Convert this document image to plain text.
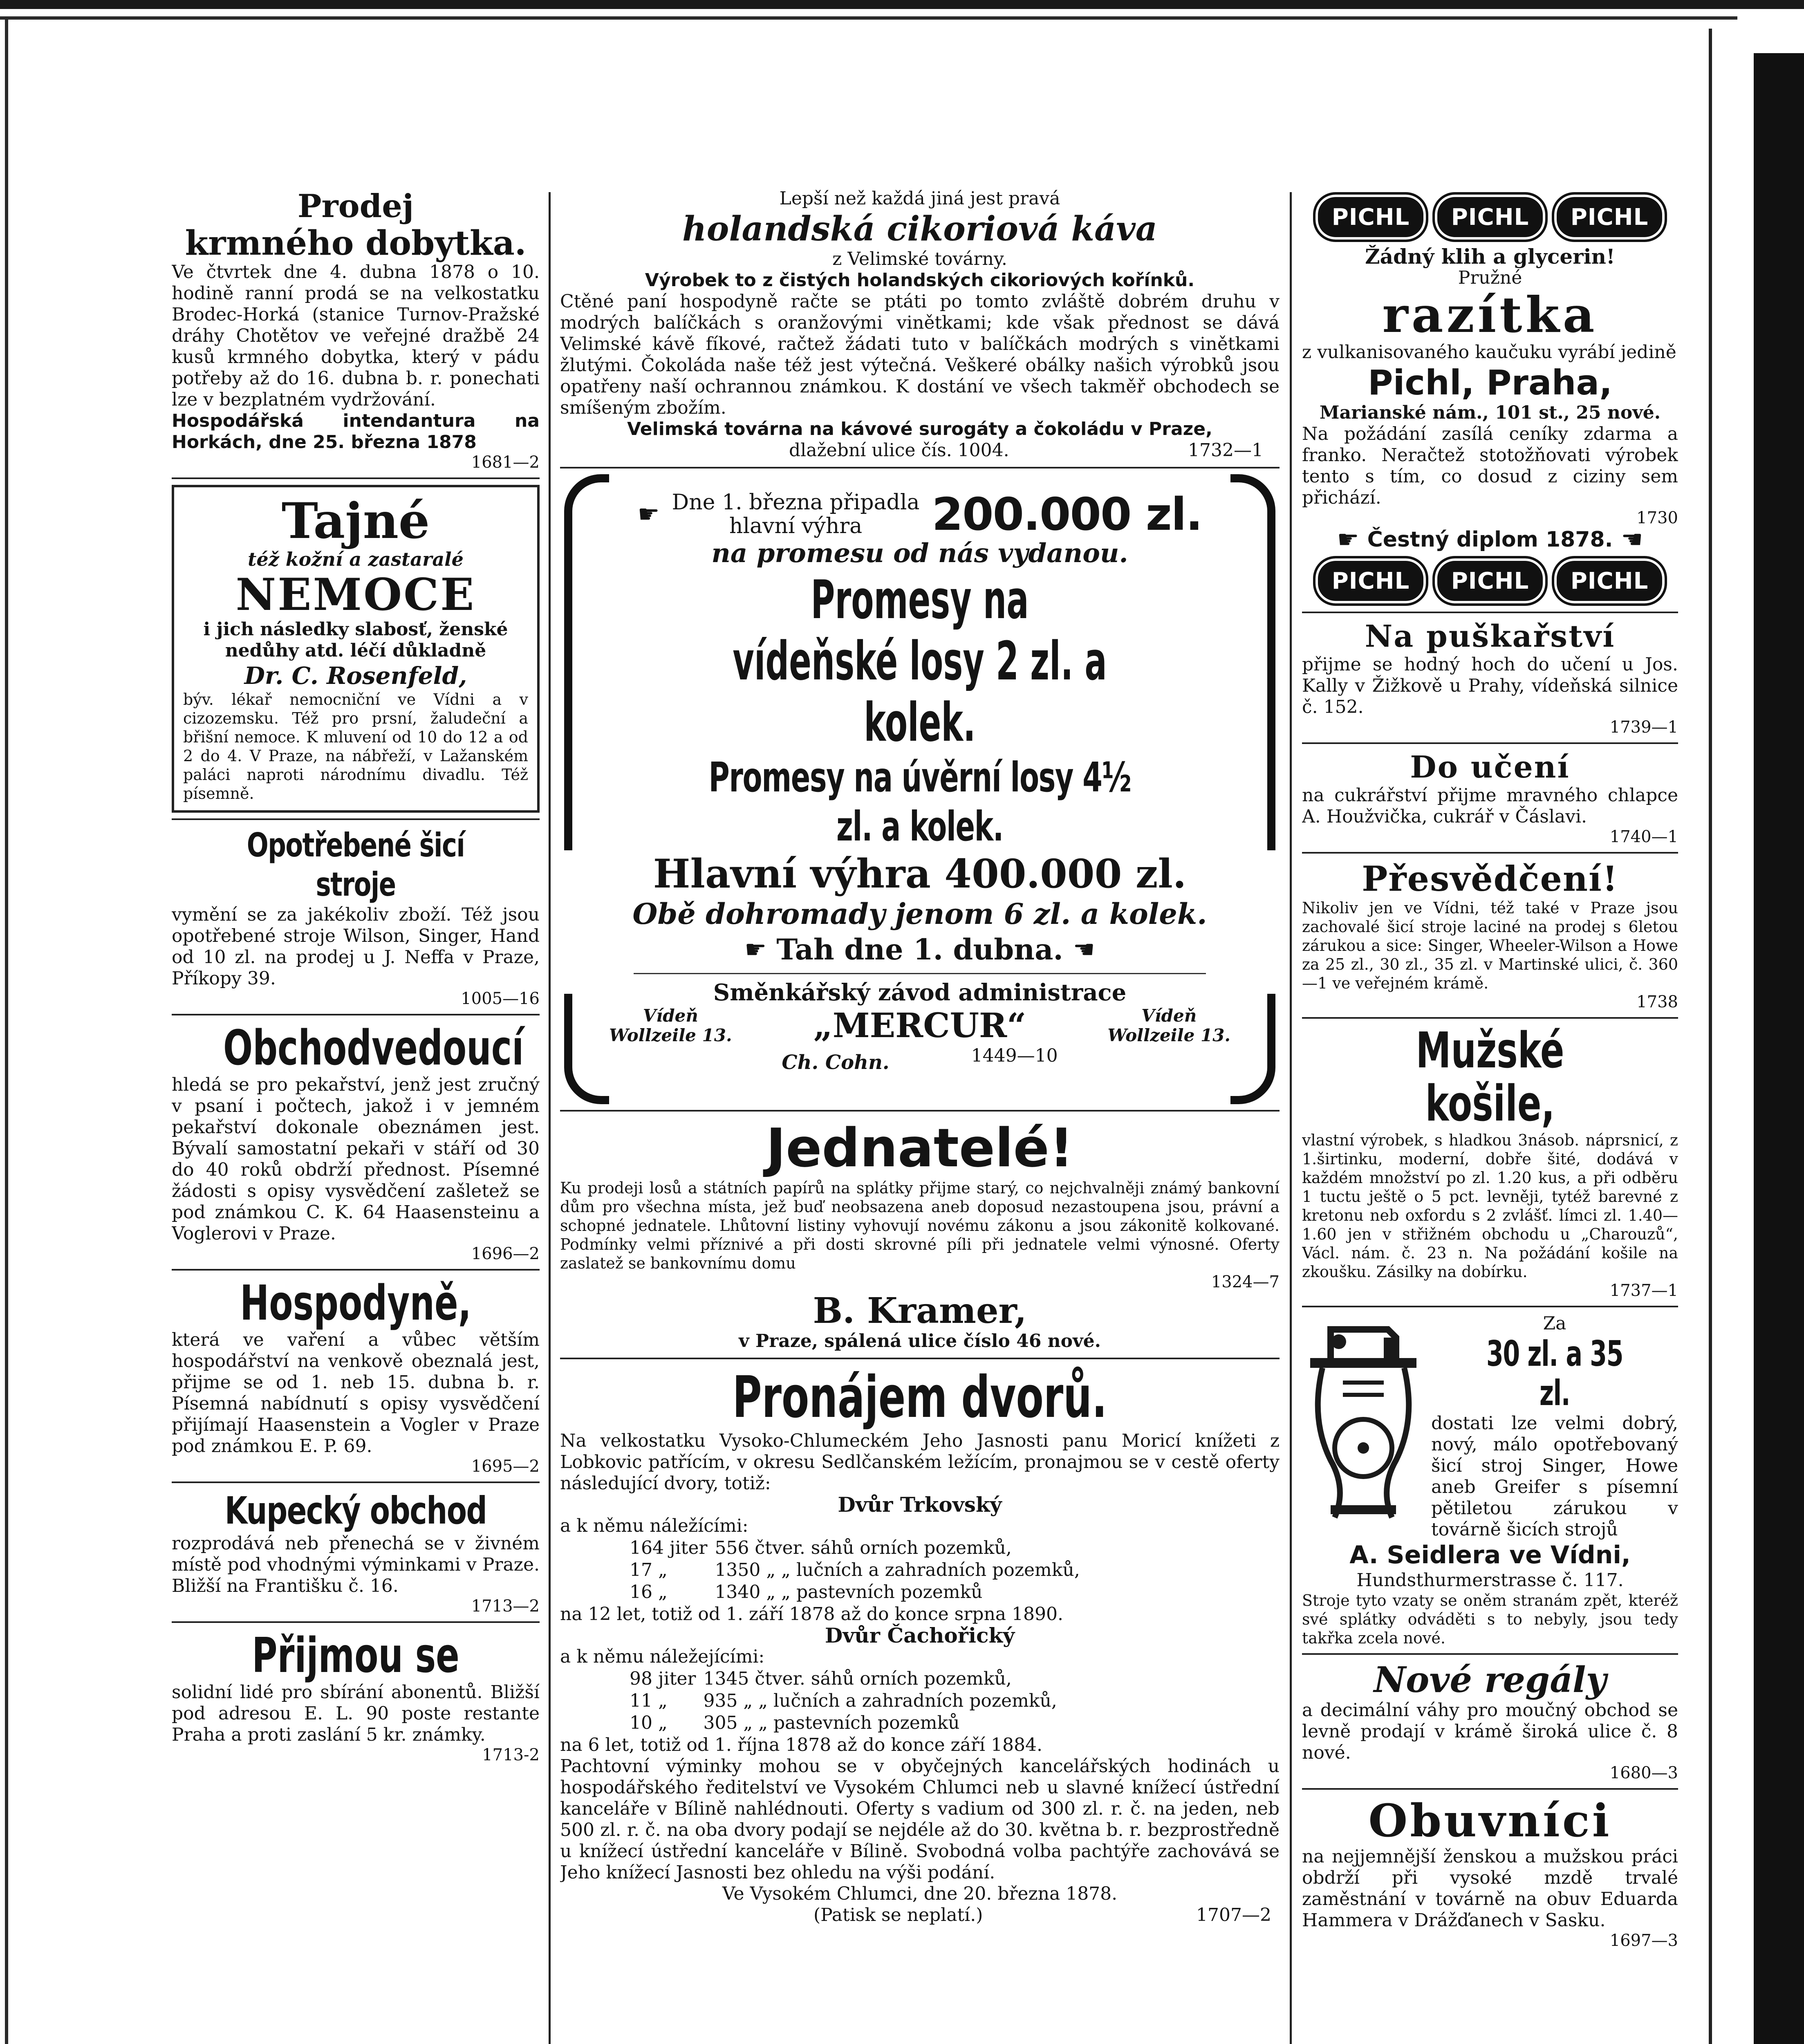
Prodej

krmného dobytka.

Ve čtvrtek dne 4. dubna 1878 o 10. hodině ranní prodá se na velkostatku Brodec-Horká (stanice Turnov-Pražské dráhy Chotětov ve veřejné dražbě 24 kusů krmného dobytka, který v pádu potřeby až do 16. dubna b. r. ponechati lze v bezplatném vydržování.

Hospodářská intendantura na Horkách, dne 25. března 1878

1681—2

Tajné

též kožní a zastaralé

NEMOCE

i jich následky slabosť, ženské nedůhy atd. léčí důkladně

Dr. C. Rosenfeld,

býv. lékař nemocniční ve Vídni a v cizozemsku. Též pro prsní, žaludeční a břišní nemoce. K mluvení od 10 do 12 a od 2 do 4. V Praze, na nábřeží, v Lažanském paláci naproti národnímu divadlu. Též písemně.

Opotřebené šicí stroje

vymění se za jakékoliv zboží. Též jsou opotřebené stroje Wilson, Singer, Hand od 10 zl. na prodej u J. Neffa v Praze, Příkopy 39.

1005—16

Obchodvedoucí

hledá se pro pekařství, jenž jest zručný v psaní i počtech, jakož i v jemném pekařství dokonale obeznámen jest. Bývalí samostatní pekaři v stáří od 30 do 40 roků obdrží přednost. Písemné žádosti s opisy vysvědčení zašletež se pod známkou C. K. 64 Haasensteinu a Voglerovi v Praze.

1696—2

Hospodyně,

která ve vaření a vůbec větším hospodářství na venkově obeznalá jest, přijme se od 1. neb 15. dubna b. r. Písemná nabídnutí s opisy vysvědčení přijímají Haasenstein a Vogler v Praze pod známkou E. P. 69.

1695—2

Kupecký obchod

rozprodává neb přenechá se v živném místě pod vhodnými výminkami v Praze. Bližší na Františku č. 16.

1713—2

Přijmou se

solidní lidé pro sbírání abonentů. Bližší pod adresou E. L. 90 poste restante Praha a proti zaslání 5 kr. známky.

1713-2

Lepší než každá jiná jest pravá

holandská cikoriová káva

z Velimské továrny.

Výrobek to z čistých holandských cikoriových kořínků.

Ctěné paní hospodyně račte se ptáti po tomto zvláště dobrém druhu v modrých balíčkách s oranžovými vinětkami; kde však přednost se dává Velimské kávě fíkové, račtež žádati tuto v balíčkách modrých s vinětkami žlutými. Čokoláda naše též jest výtečná. Veškeré obálky našich výrobků jsou opatřeny naší ochrannou známkou. K dostání ve všech takměř obchodech se smíšeným zbožím.

Velimská továrna na kávové surogáty a čokoládu v Praze,

dlažební ulice čís. 1004.	1732—1
☛ Dne 1. března připadla

hlavní výhra	200.000 zl.

na promesu od nás vydanou.

Promesy na vídeňské losy 2 zl. a kolek.

Promesy na úvěrní losy 4½ zl. a kolek.

Hlavní výhra 400.000 zl.

Obě dohromady jenom 6 zl. a kolek.

☛ Tah dne 1. dubna. ☚

Směnkářský závod administrace

Vídeň

Wollzeile 13. „MERCUR“	Vídeň

Wollzeile 13.

Ch. Cohn.	1449—10

Jednatelé!

Ku prodeji losů a státních papírů na splátky přijme starý, co nejchvalněji známý bankovní dům pro všechna místa, jež buď neobsazena aneb doposud nezastoupena jsou, právní a schopné jednatele. Lhůtovní listiny vyhovují novému zákonu a jsou zákonitě kolkované. Podmínky velmi příznivé a při dosti skrovné píli při jednatele velmi výnosné. Oferty zaslatež se bankovnímu domu

1324—7

B. Kramer,

v Praze, spálená ulice číslo 46 nové.

Pronájem dvorů.

Na velkostatku Vysoko-Chlumeckém Jeho Jasnosti panu Moricí knížeti z Lobkovic patřícím, v okresu Sedlčanském ležícím, pronajmou se v cestě oferty následující dvory, totiž:

Dvůr Trkovský

a k němu náležícími:

164 jiter	556 čtver. sáhů orních pozemků,
17 „	1350 „ „ lučních a zahradních pozemků,
16 „	1340 „ „ pastevních pozemků

na 12 let, totiž od 1. září 1878 až do konce srpna 1890.

Dvůr Čachořický

a k němu náležejícími:

98 jiter	1345 čtver. sáhů orních pozemků,
11 „	935 „ „ lučních a zahradních pozemků,
10 „	305 „ „ pastevních pozemků

na 6 let, totiž od 1. října 1878 až do konce září 1884.

Pachtovní výminky mohou se v obyčejných kancelářských hodinách u hospodářského ředitelství ve Vysokém Chlumci neb u slavné knížecí ústřední kanceláře v Bílině nahlédnouti. Oferty s vadium od 300 zl. r. č. na jeden, neb 500 zl. r. č. na oba dvory podají se nejdéle až do 30. května b. r. bezprostředně u knížecí ústřední kanceláře v Bílině. Svobodná volba pachtýře zachovává se Jeho knížecí Jasnosti bez ohledu na výši podání.

Ve Vysokém Chlumci, dne 20. března 1878.

(Patisk se neplatí.)	1707—2
PICHL PICHL PICHL

Žádný klih a glycerin!

Pružné

razítka

z vulkanisovaného kaučuku vyrábí jedině

Pichl, Praha,

Marianské nám., 101 st., 25 nové.

Na požádání zasílá ceníky zdarma a franko. Neračtež stotožňovati výrobek tento s tím, co dosud z ciziny sem přichází.

1730

☛ Čestný diplom 1878. ☚
PICHL PICHL PICHL

Na puškařství

přijme se hodný hoch do učení u Jos. Kally v Žižkově u Prahy, vídeňská silnice č. 152.

1739—1

Do učení

na cukrářství přijme mravného chlapce A. Houžvička, cukrář v Čáslavi.

1740—1

Přesvědčení!

Nikoliv jen ve Vídni, též také v Praze jsou zachovalé šicí stroje laciné na prodej s 6letou zárukou a sice: Singer, Wheeler-Wilson a Howe za 25 zl., 30 zl., 35 zl. v Martinské ulici, č. 360—1 ve veřejném krámě.

1738

Mužské košile,

vlastní výrobek, s hladkou 3násob. náprsnicí, z 1.širtinku, moderní, dobře šité, dodává v každém množství po zl. 1.20 kus, a při odběru 1 tuctu ještě o 5 pct. levněji, tytéž barevné z kretonu neb oxfordu s 2 zvlášť. límci zl. 1.40—1.60 jen v střižném obchodu u „Charouzů“, Václ. nám. č. 23 n. Na požádání košile na zkoušku. Zásilky na dobírku.

1737—1

Za

30 zl. a 35 zl.

dostati lze velmi dobrý, nový, málo opotřebovaný šicí stroj Singer, Howe aneb Greifer s písemní pětiletou zárukou v továrně šicích strojů

A. Seidlera ve Vídni,

Hundsthurmerstrasse č. 117.

Stroje tyto vzaty se oněm stranám zpět, kteréž své splátky odváděti s to nebyly, jsou tedy takřka zcela nové.

Nové regály

a decimální váhy pro moučný obchod se levně prodají v krámě široká ulice č. 8 nové.

1680—3

Obuvníci

na nejjemnější ženskou a mužskou práci obdrží při vysoké mzdě trvalé zaměstnání v továrně na obuv Eduarda Hammera v Drážďanech v Sasku.

1697—3
